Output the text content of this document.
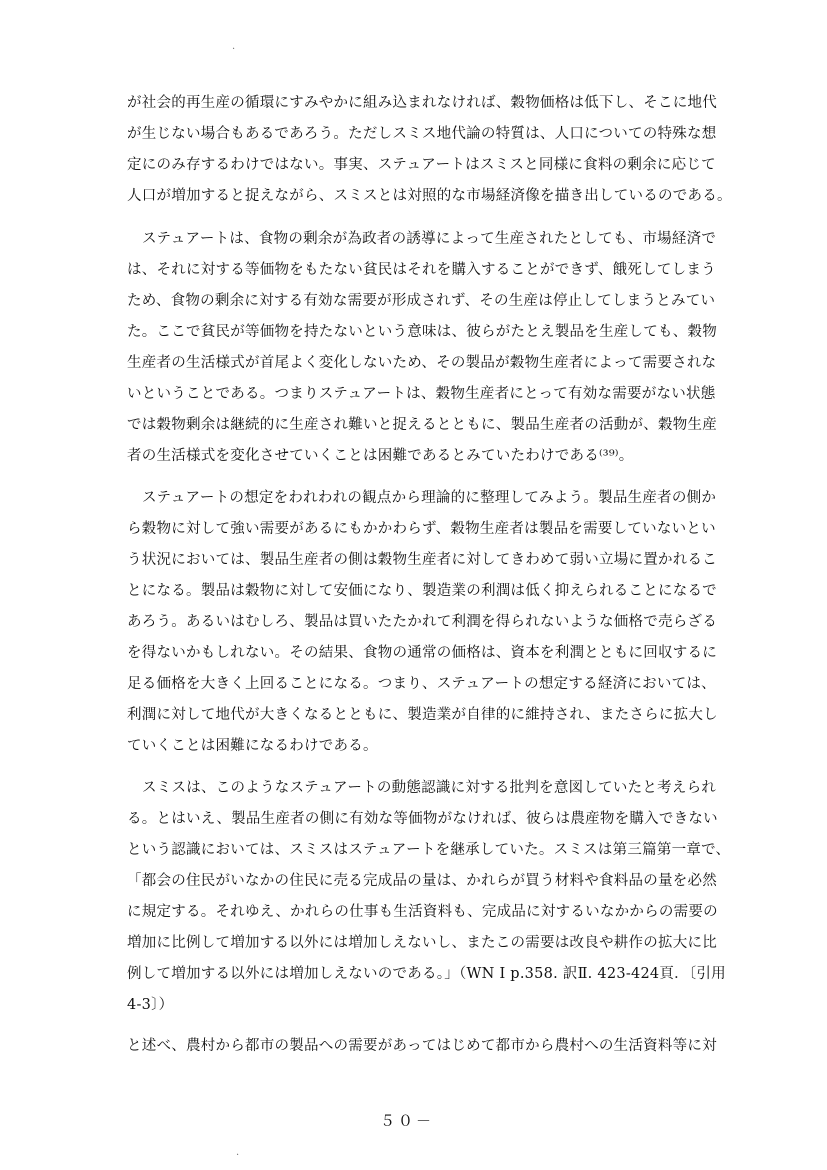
·
が社会的再生産の循環にすみやかに組み込まれなければ、穀物価格は低下し、そこに地代
が生じない場合もあるであろう。ただしスミス地代論の特質は、人口についての特殊な想
定にのみ存するわけではない。事実、ステュアートはスミスと同様に食料の剰余に応じて
人口が増加すると捉えながら、スミスとは対照的な市場経済像を描き出しているのである。
ステュアートは、食物の剰余が為政者の誘導によって生産されたとしても、市場経済で
は、それに対する等価物をもたない貧民はそれを購入することができず、餓死してしまう
ため、食物の剰余に対する有効な需要が形成されず、その生産は停止してしまうとみてい
た。ここで貧民が等価物を持たないという意味は、彼らがたとえ製品を生産しても、穀物
生産者の生活様式が首尾よく変化しないため、その製品が穀物生産者によって需要されな
いということである。つまりステュアートは、穀物生産者にとって有効な需要がない状態
では穀物剰余は継続的に生産され難いと捉えるとともに、製品生産者の活動が、穀物生産
者の生活様式を変化させていくことは困難であるとみていたわけである⁽³⁹⁾。
ステュアートの想定をわれわれの観点から理論的に整理してみよう。製品生産者の側か
ら穀物に対して強い需要があるにもかかわらず、穀物生産者は製品を需要していないとい
う状況においては、製品生産者の側は穀物生産者に対してきわめて弱い立場に置かれるこ
とになる。製品は穀物に対して安価になり、製造業の利潤は低く抑えられることになるで
あろう。あるいはむしろ、製品は買いたたかれて利潤を得られないような価格で売らざる
を得ないかもしれない。その結果、食物の通常の価格は、資本を利潤とともに回収するに
足る価格を大きく上回ることになる。つまり、ステュアートの想定する経済においては、
利潤に対して地代が大きくなるとともに、製造業が自律的に維持され、またさらに拡大し
ていくことは困難になるわけである。
スミスは、このようなステュアートの動態認識に対する批判を意図していたと考えられ
る。とはいえ、製品生産者の側に有効な等価物がなければ、彼らは農産物を購入できない
という認識においては、スミスはステュアートを継承していた。スミスは第三篇第一章で、
「都会の住民がいなかの住民に売る完成品の量は、かれらが買う材料や食料品の量を必然
に規定する。それゆえ、かれらの仕事も生活資料も、完成品に対するいなかからの需要の
増加に比例して増加する以外には増加しえないし、またこの需要は改良や耕作の拡大に比
例して増加する以外には増加しえないのである。」（WN Ⅰ p.358. 訳Ⅱ. 423-424頁．〔引用
4-3〕）
と述べ、農村から都市の製品への需要があってはじめて都市から農村への生活資料等に対
５０－
·
